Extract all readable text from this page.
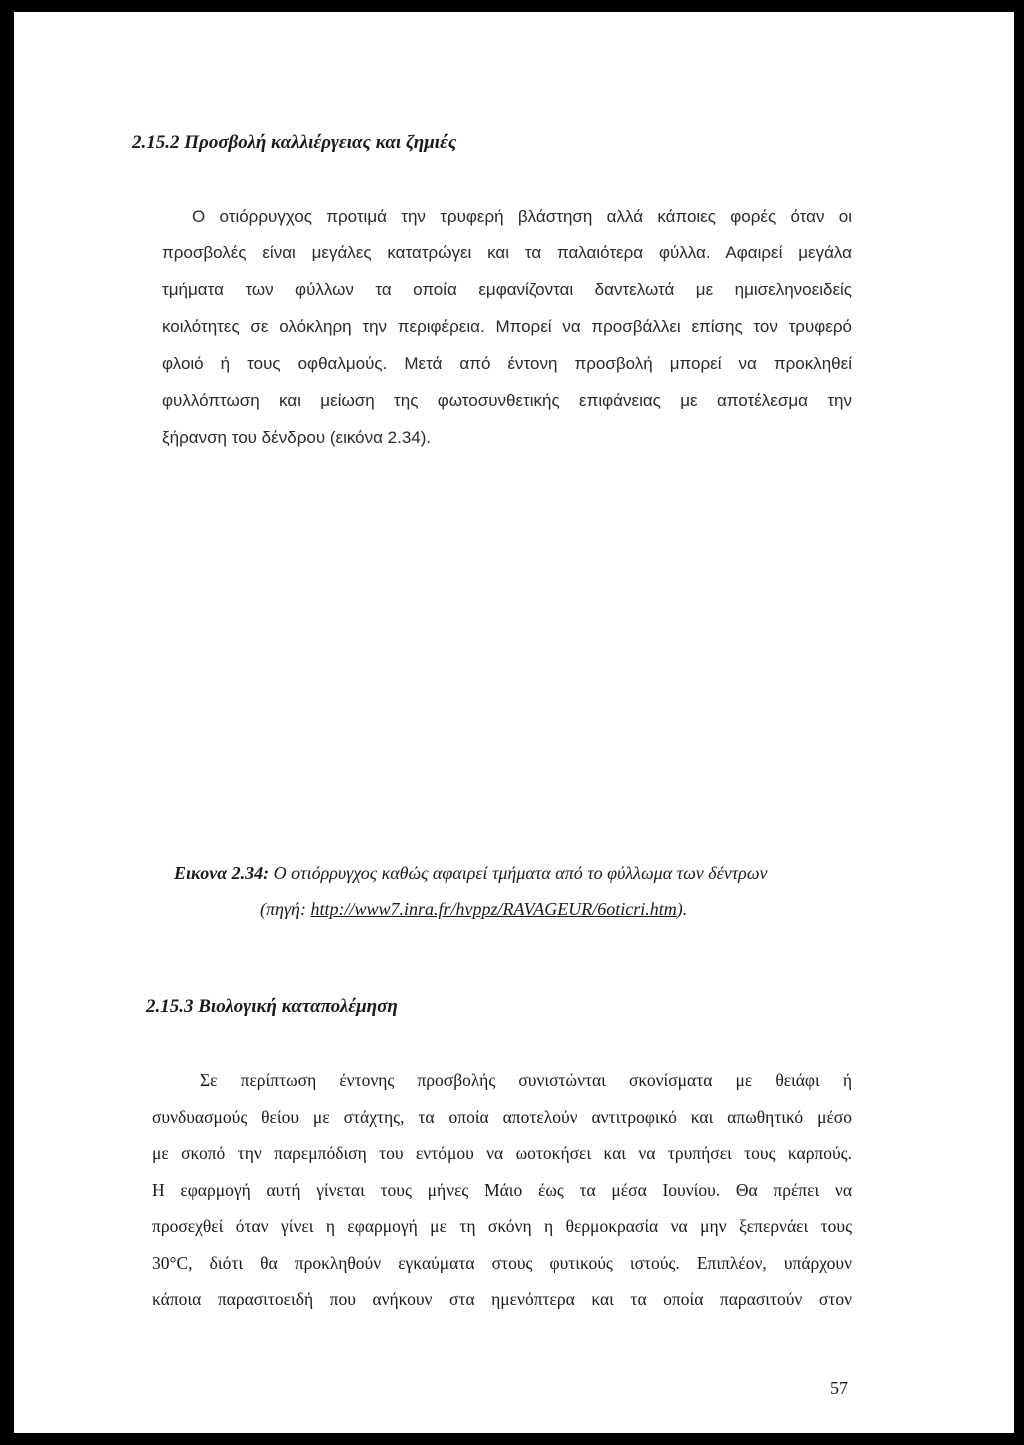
2.15.2 Προσβολή καλλιέργειας και ζημιές
Ο οτιόρρυγχος προτιμά την τρυφερή βλάστηση αλλά κάποιες φορές όταν οι
προσβολές είναι μεγάλες κατατρώγει και τα παλαιότερα φύλλα. Αφαιρεί μεγάλα
τμήματα των φύλλων τα οποία εμφανίζονται δαντελωτά με ημισεληνοειδείς
κοιλότητες σε ολόκληρη την περιφέρεια. Μπορεί να προσβάλλει επίσης τον τρυφερό
φλοιό ή τους οφθαλμούς. Μετά από έντονη προσβολή μπορεί να προκληθεί
φυλλόπτωση και μείωση της φωτοσυνθετικής επιφάνειας με αποτέλεσμα την
ξήρανση του δένδρου (εικόνα 2.34).
Εικονα 2.34: Ο οτιόρρυγχος καθώς αφαιρεί τμήματα από το φύλλωμα των δέντρων
(πηγή: http://www7.inra.fr/hvppz/RAVAGEUR/6oticri.htm).
2.15.3 Βιολογική καταπολέμηση
Σε περίπτωση έντονης προσβολής συνιστώνται σκονίσματα με θειάφι ή
συνδυασμούς θείου με στάχτης, τα οποία αποτελούν αντιτροφικό και απωθητικό μέσο
με σκοπό την παρεμπόδιση του εντόμου να ωοτοκήσει και να τρυπήσει τους καρπούς.
Η εφαρμογή αυτή γίνεται τους μήνες Μάιο έως τα μέσα Ιουνίου. Θα πρέπει να
προσεχθεί όταν γίνει η εφαρμογή με τη σκόνη η θερμοκρασία να μην ξεπερνάει τους
30°C, διότι θα προκληθούν εγκαύματα στους φυτικούς ιστούς. Επιπλέον, υπάρχουν
κάποια παρασιτοειδή που ανήκουν στα ημενόπτερα και τα οποία παρασιτούν στον
57
